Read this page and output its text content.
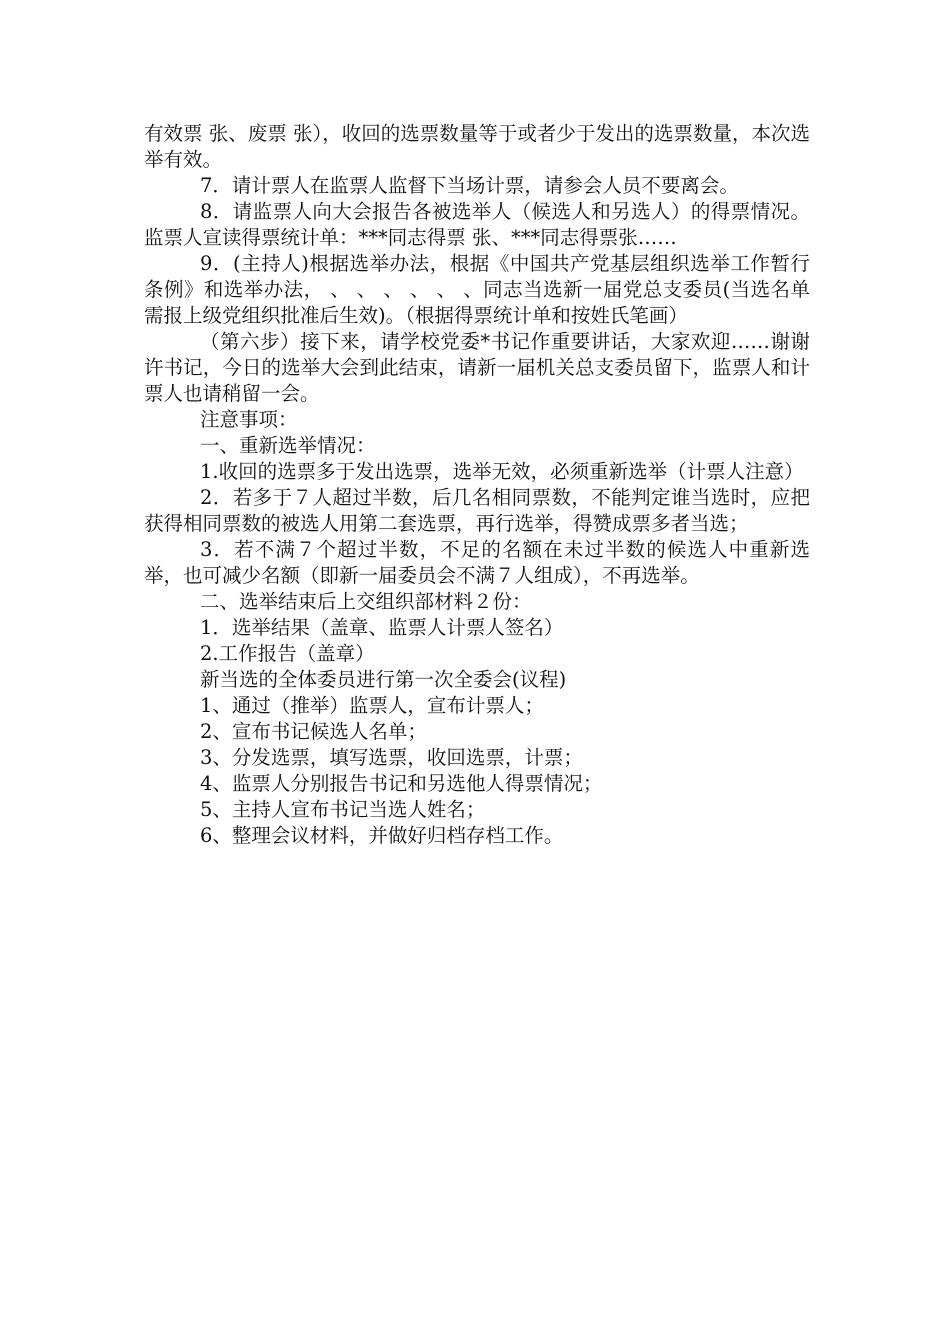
有效票 张、废票 张），收回的选票数量等于或者少于发出的选票数量，本次选举有效。

7．请计票人在监票人监督下当场计票，请参会人员不要离会。

8．请监票人向大会报告各被选举人（候选人和另选人）的得票情况。监票人宣读得票统计单：***同志得票 张、***同志得票张……

9．(主持人)根据选举办法，根据《中国共产党基层组织选举工作暂行条例》和选举办法， 、 、 、 、 、 、同志当选新一届党总支委员(当选名单需报上级党组织批准后生效)。（根据得票统计单和按姓氏笔画）

（第六步）接下来，请学校党委*书记作重要讲话，大家欢迎……谢谢许书记，今日的选举大会到此结束，请新一届机关总支委员留下，监票人和计票人也请稍留一会。

注意事项：

一、重新选举情况：

1.收回的选票多于发出选票，选举无效，必须重新选举（计票人注意）

2．若多于７人超过半数，后几名相同票数，不能判定谁当选时，应把获得相同票数的被选人用第二套选票，再行选举，得赞成票多者当选；

3．若不满７个超过半数，不足的名额在未过半数的候选人中重新选举，也可减少名额（即新一届委员会不满７人组成），不再选举。

二、选举结束后上交组织部材料２份：

1．选举结果（盖章、监票人计票人签名）

2.工作报告（盖章）

新当选的全体委员进行第一次全委会(议程)

1、通过（推举）监票人，宣布计票人；

2、宣布书记候选人名单；

3、分发选票，填写选票，收回选票，计票；

4、监票人分别报告书记和另选他人得票情况；

5、主持人宣布书记当选人姓名；

6、整理会议材料，并做好归档存档工作。
